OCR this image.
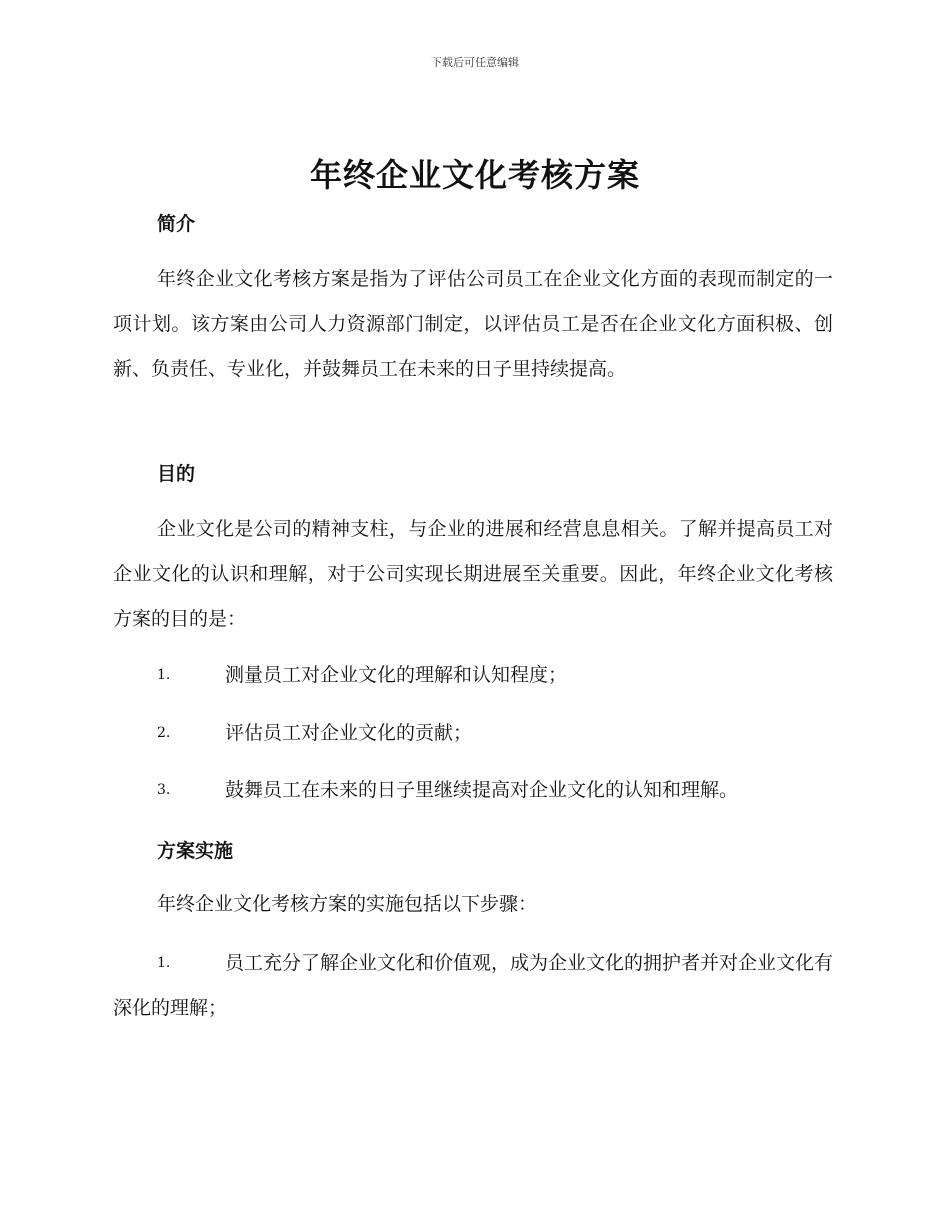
下载后可任意编辑
年终企业文化考核方案
简介

年终企业文化考核方案是指为了评估公司员工在企业文化方面的表现而制定的一项计划。该方案由公司人力资源部门制定，以评估员工是否在企业文化方面积极、创新、负责任、专业化，并鼓舞员工在未来的日子里持续提高。

目的

企业文化是公司的精神支柱，与企业的进展和经营息息相关。了解并提高员工对企业文化的认识和理解，对于公司实现长期进展至关重要。因此，年终企业文化考核方案的目的是：

1.	测量员工对企业文化的理解和认知程度；
2.	评估员工对企业文化的贡献；
3.	鼓舞员工在未来的日子里继续提高对企业文化的认知和理解。
方案实施

年终企业文化考核方案的实施包括以下步骤：

1.	员工充分了解企业文化和价值观，成为企业文化的拥护者并对企业文化有深化的理解；
